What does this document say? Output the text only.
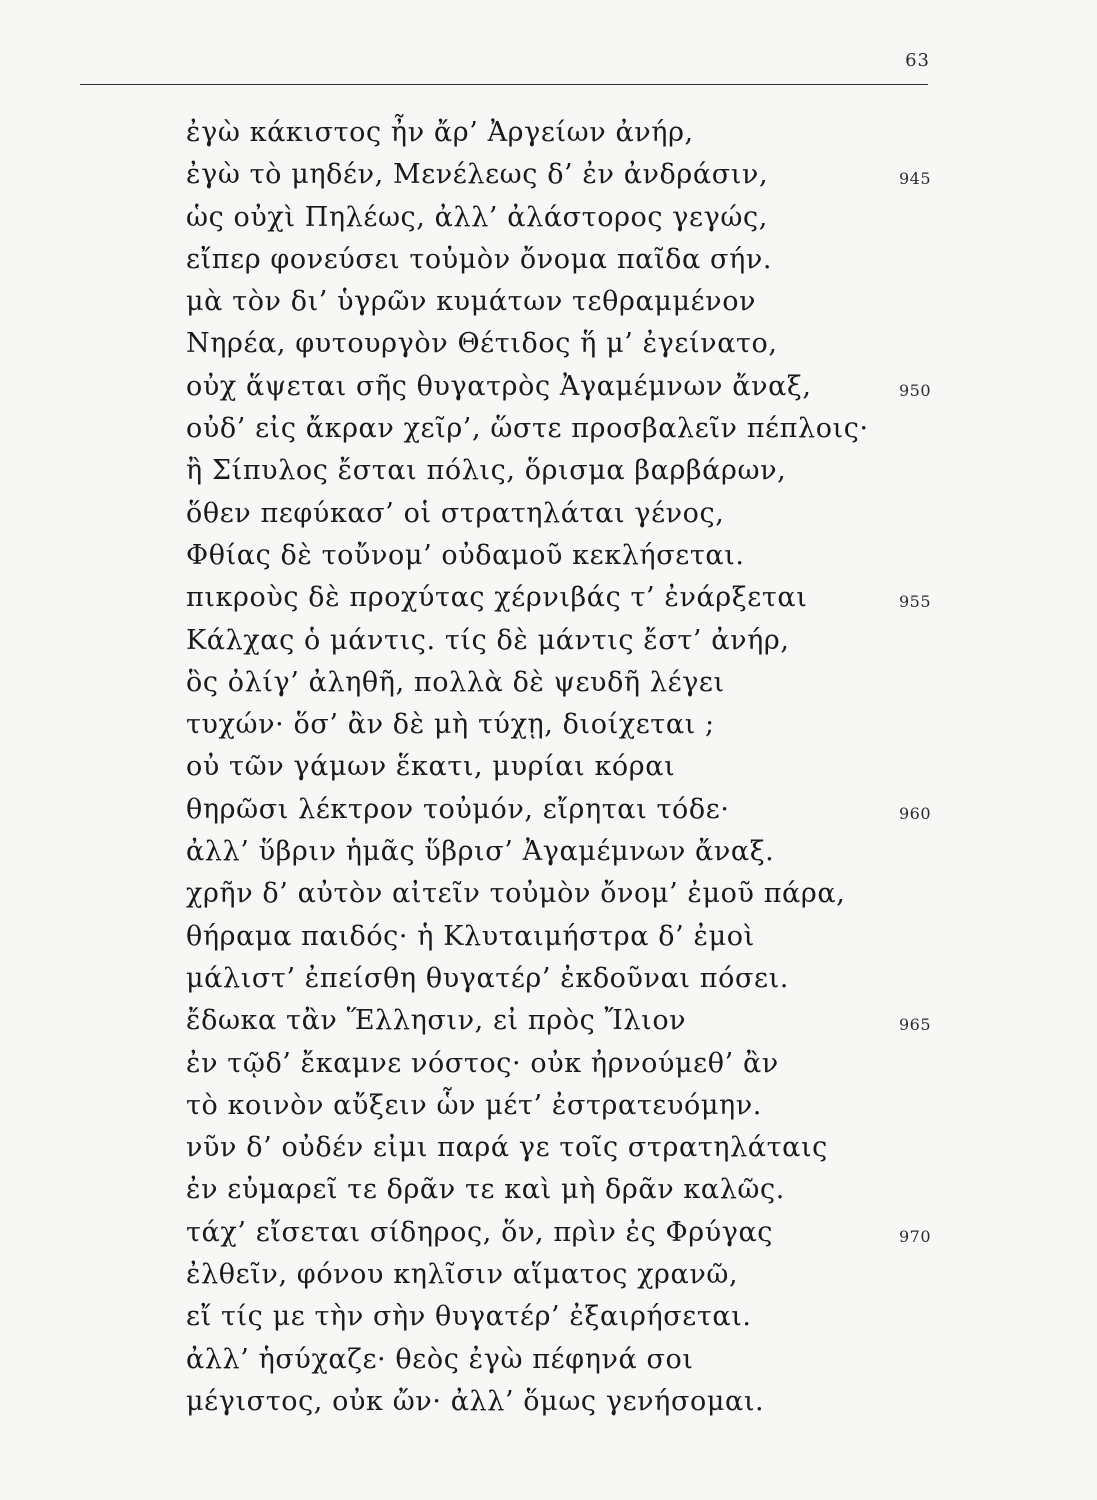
63
ἐγὼ κάκιστος ἦν ἄρ’ Ἀργείων ἀνήρ,
ἐγὼ τὸ μηδέν, Μενέλεως δ’ ἐν ἀνδράσιν,	945
ὡς οὐχὶ Πηλέως, ἀλλ’ ἀλάστορος γεγώς,
εἴπερ φονεύσει τοὐμὸν ὄνομα παῖδα σήν.
μὰ τὸν δι’ ὑγρῶν κυμάτων τεθραμμένον
Νηρέα, φυτουργὸν Θέτιδος ἥ μ’ ἐγείνατο,
οὐχ ἅψεται σῆς θυγατρὸς Ἀγαμέμνων ἄναξ,	950
οὐδ’ εἰς ἄκραν χεῖρ’, ὥστε προσβαλεῖν πέπλοις·
ἢ Σίπυλος ἔσται πόλις, ὅρισμα βαρβάρων,
ὅθεν πεφύκασ’ οἱ στρατηλάται γένος,
Φθίας δὲ τοὔνομ’ οὐδαμοῦ κεκλήσεται.
πικροὺς δὲ προχύτας χέρνιβάς τ’ ἐνάρξεται	955
Κάλχας ὁ μάντις. τίς δὲ μάντις ἔστ’ ἀνήρ,
ὃς ὀλίγ’ ἀληθῆ, πολλὰ δὲ ψευδῆ λέγει
τυχών· ὅσ’ ἂν δὲ μὴ τύχῃ, διοίχεται ;
οὐ τῶν γάμων ἕκατι, μυρίαι κόραι
θηρῶσι λέκτρον τοὐμόν, εἴρηται τόδε·	960
ἀλλ’ ὕβριν ἡμᾶς ὕβρισ’ Ἀγαμέμνων ἄναξ.
χρῆν δ’ αὐτὸν αἰτεῖν τοὐμὸν ὄνομ’ ἐμοῦ πάρα,
θήραμα παιδός· ἡ Κλυταιμήστρα δ’ ἐμοὶ
μάλιστ’ ἐπείσθη θυγατέρ’ ἐκδοῦναι πόσει.
ἔδωκα τἂν Ἕλλησιν, εἰ πρὸς Ἴλιον	965
ἐν τῷδ’ ἔκαμνε νόστος· οὐκ ἠρνούμεθ’ ἂν
τὸ κοινὸν αὔξειν ὧν μέτ’ ἐστρατευόμην.
νῦν δ’ οὐδέν εἰμι παρά γε τοῖς στρατηλάταις
ἐν εὐμαρεῖ τε δρᾶν τε καὶ μὴ δρᾶν καλῶς.
τάχ’ εἴσεται σίδηρος, ὅν, πρὶν ἐς Φρύγας	970
ἐλθεῖν, φόνου κηλῖσιν αἵματος χρανῶ,
εἴ τίς με τὴν σὴν θυγατέρ’ ἐξαιρήσεται.
ἀλλ’ ἡσύχαζε· θεὸς ἐγὼ πέφηνά σοι
μέγιστος, οὐκ ὤν· ἀλλ’ ὅμως γενήσομαι.
